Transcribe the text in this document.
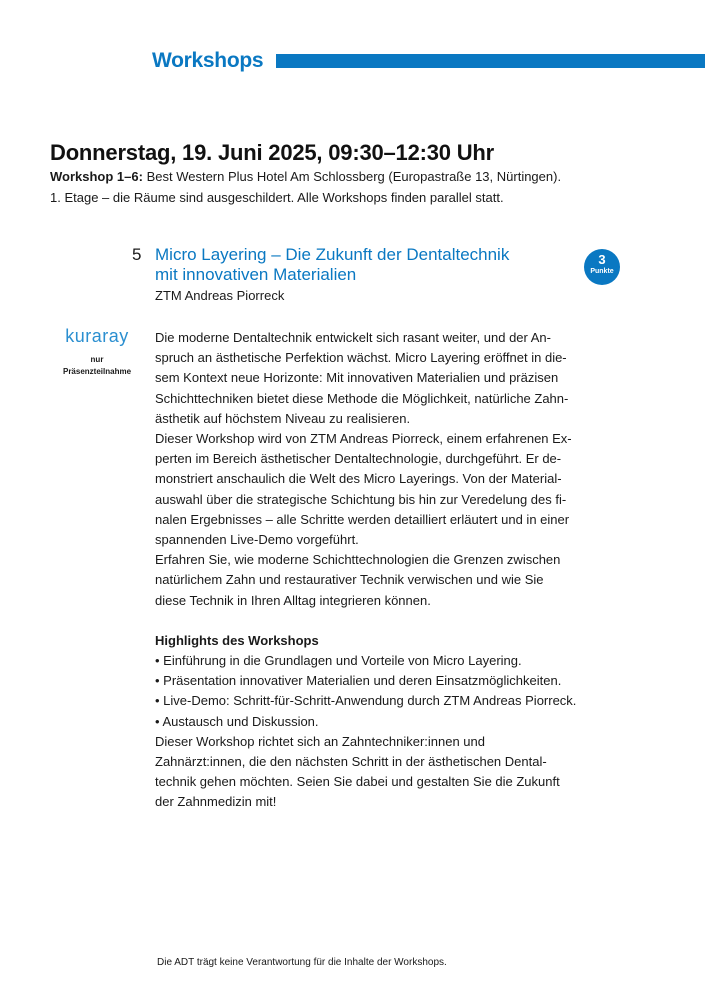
Workshops
Donnerstag, 19. Juni 2025, 09:30–12:30 Uhr
Workshop 1–6: Best Western Plus Hotel Am Schlossberg (Europastraße 13, Nürtingen).
1. Etage – die Räume sind ausgeschildert. Alle Workshops finden parallel statt.
5 Micro Layering – Die Zukunft der Dentaltechnik
mit innovativen Materialien
ZTM Andreas Piorreck
3
Punkte
kuraray
nur
Präsenzteilnahme

Die moderne Dentaltechnik entwickelt sich rasant weiter, und der An-

spruch an ästhetische Perfektion wächst. Micro Layering eröffnet in die-

sem Kontext neue Horizonte: Mit innovativen Materialien und präzisen

Schichttechniken bietet diese Methode die Möglichkeit, natürliche Zahn-

ästhetik auf höchstem Niveau zu realisieren.

Dieser Workshop wird von ZTM Andreas Piorreck, einem erfahrenen Ex-

perten im Bereich ästhetischer Dentaltechnologie, durchgeführt. Er de-

monstriert anschaulich die Welt des Micro Layerings. Von der Material-

auswahl über die strategische Schichtung bis hin zur Veredelung des fi-

nalen Ergebnisses – alle Schritte werden detailliert erläutert und in einer

spannenden Live-Demo vorgeführt.

Erfahren Sie, wie moderne Schichttechnologien die Grenzen zwischen

natürlichem Zahn und restaurativer Technik verwischen und wie Sie

diese Technik in Ihren Alltag integrieren können.

Highlights des Workshops

• Einführung in die Grundlagen und Vorteile von Micro Layering.

• Präsentation innovativer Materialien und deren Einsatzmöglichkeiten.

• Live-Demo: Schritt-für-Schritt-Anwendung durch ZTM Andreas Piorreck.

• Austausch und Diskussion.

Dieser Workshop richtet sich an Zahntechniker:innen und

Zahnärzt:innen, die den nächsten Schritt in der ästhetischen Dental-

technik gehen möchten. Seien Sie dabei und gestalten Sie die Zukunft

der Zahnmedizin mit!

Die ADT trägt keine Verantwortung für die Inhalte der Workshops.
